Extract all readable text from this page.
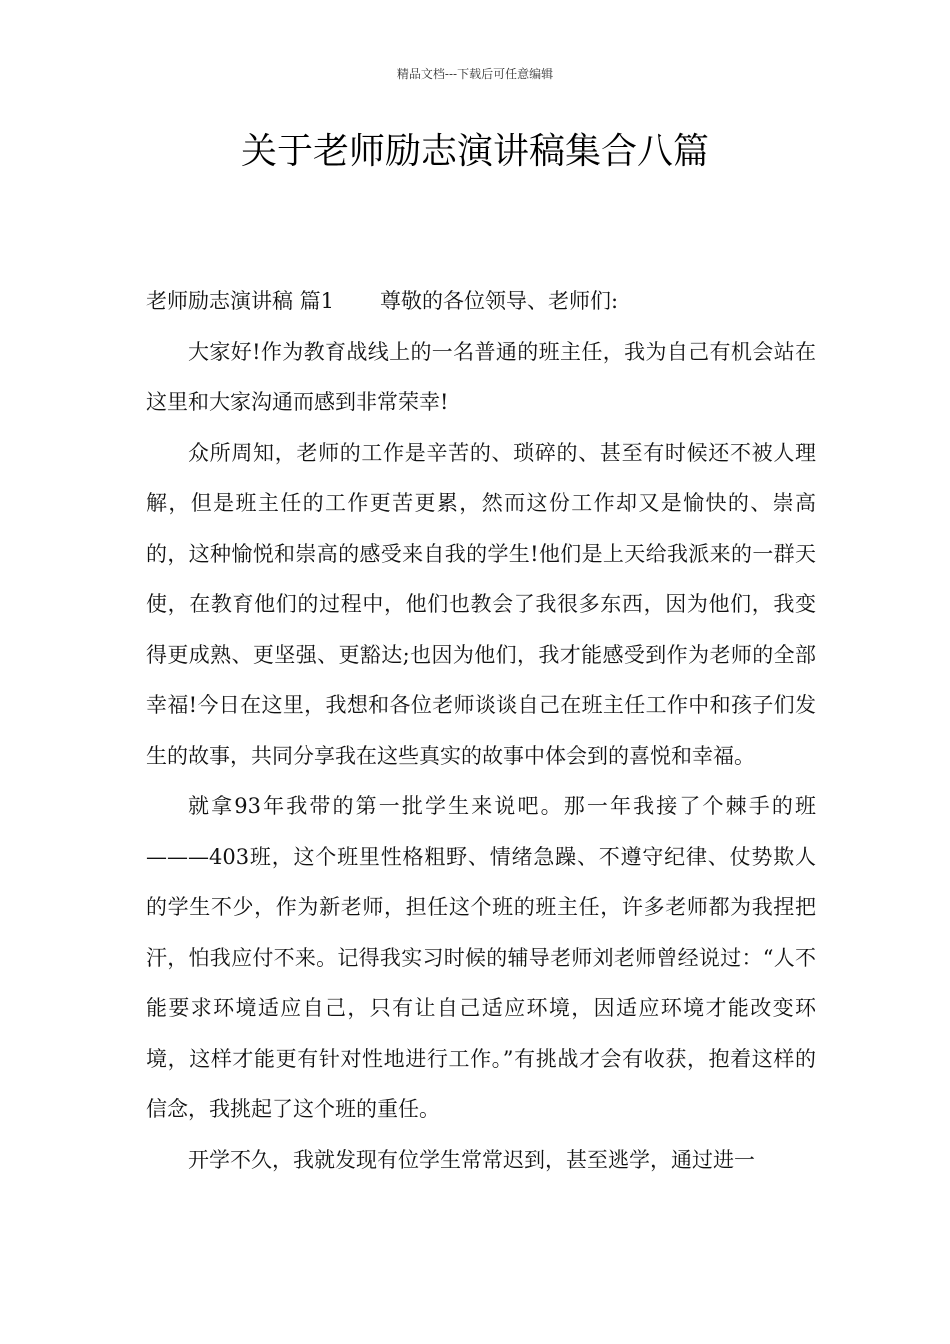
精品文档---下载后可任意编辑
关于老师励志演讲稿集合八篇

老师励志演讲稿 篇1 尊敬的各位领导、老师们:

大家好!作为教育战线上的一名普通的班主任，我为自己有机会站在这里和大家沟通而感到非常荣幸!

众所周知，老师的工作是辛苦的、琐碎的、甚至有时候还不被人理解，但是班主任的工作更苦更累，然而这份工作却又是愉快的、崇高的，这种愉悦和崇高的感受来自我的学生!他们是上天给我派来的一群天使，在教育他们的过程中，他们也教会了我很多东西，因为他们，我变得更成熟、更坚强、更豁达;也因为他们，我才能感受到作为老师的全部幸福!今日在这里，我想和各位老师谈谈自己在班主任工作中和孩子们发生的故事，共同分享我在这些真实的故事中体会到的喜悦和幸福。

就拿93年我带的第一批学生来说吧。那一年我接了个棘手的班———403班，这个班里性格粗野、情绪急躁、不遵守纪律、仗势欺人的学生不少，作为新老师，担任这个班的班主任，许多老师都为我捏把汗，怕我应付不来。记得我实习时候的辅导老师刘老师曾经说过：“人不能要求环境适应自己，只有让自己适应环境，因适应环境才能改变环境，这样才能更有针对性地进行工作。”有挑战才会有收获，抱着这样的信念，我挑起了这个班的重任。

开学不久，我就发现有位学生常常迟到，甚至逃学，通过进一
